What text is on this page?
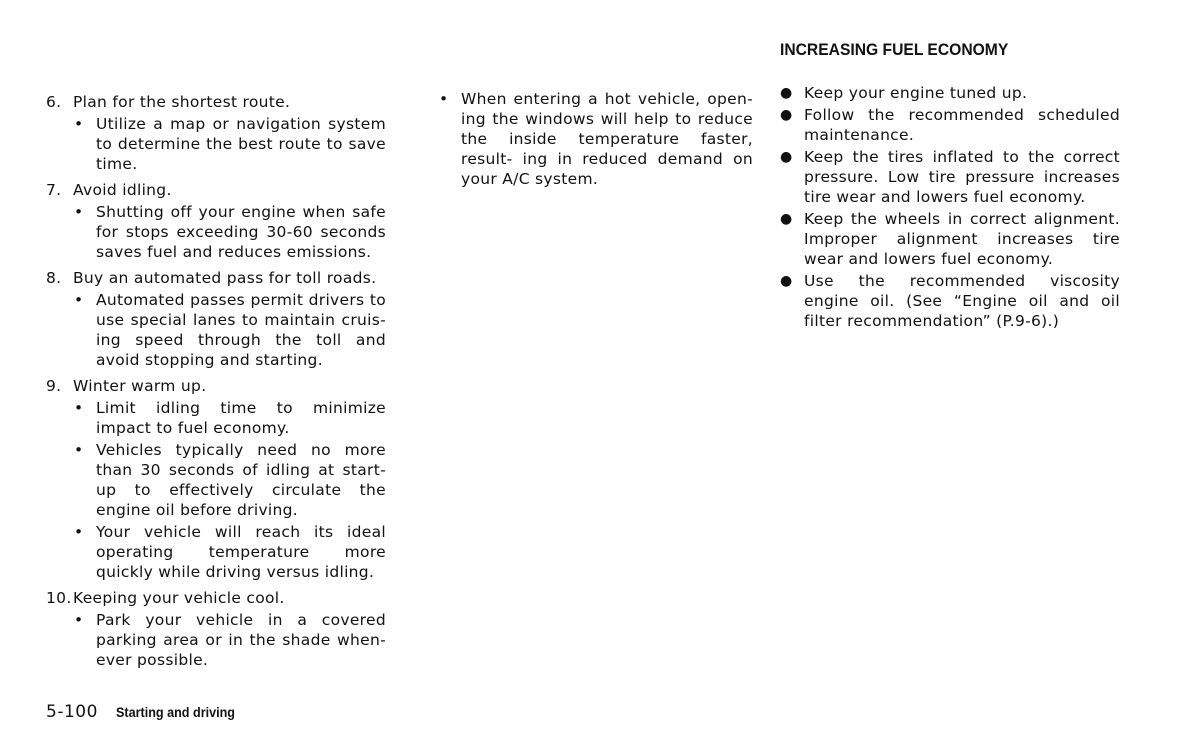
INCREASING FUEL ECONOMY
6. Plan for the shortest route.
• Utilize a map or navigation system to determine the best route to save time.
7. Avoid idling.
• Shutting off your engine when safe for stops exceeding 30-60 seconds saves fuel and reduces emissions.
8. Buy an automated pass for toll roads.
• Automated passes permit drivers to use special lanes to maintain cruis- ing speed through the toll and avoid stopping and starting.
9. Winter warm up.
• Limit idling time to minimize impact to fuel economy.
• Vehicles typically need no more than 30 seconds of idling at start-up to effectively circulate the engine oil before driving.
• Your vehicle will reach its ideal operating temperature more quickly while driving versus idling.
10. Keeping your vehicle cool.
• Park your vehicle in a covered parking area or in the shade when- ever possible.
• When entering a hot vehicle, open- ing the windows will help to reduce the inside temperature faster, result- ing in reduced demand on your A/C system.
● Keep your engine tuned up.
● Follow the recommended scheduled maintenance.
● Keep the tires inflated to the correct pressure. Low tire pressure increases tire wear and lowers fuel economy.
● Keep the wheels in correct alignment. Improper alignment increases tire wear and lowers fuel economy.
● Use the recommended viscosity engine oil. (See “Engine oil and oil filter recommendation” (P.9-6).)
5-100 Starting and driving
